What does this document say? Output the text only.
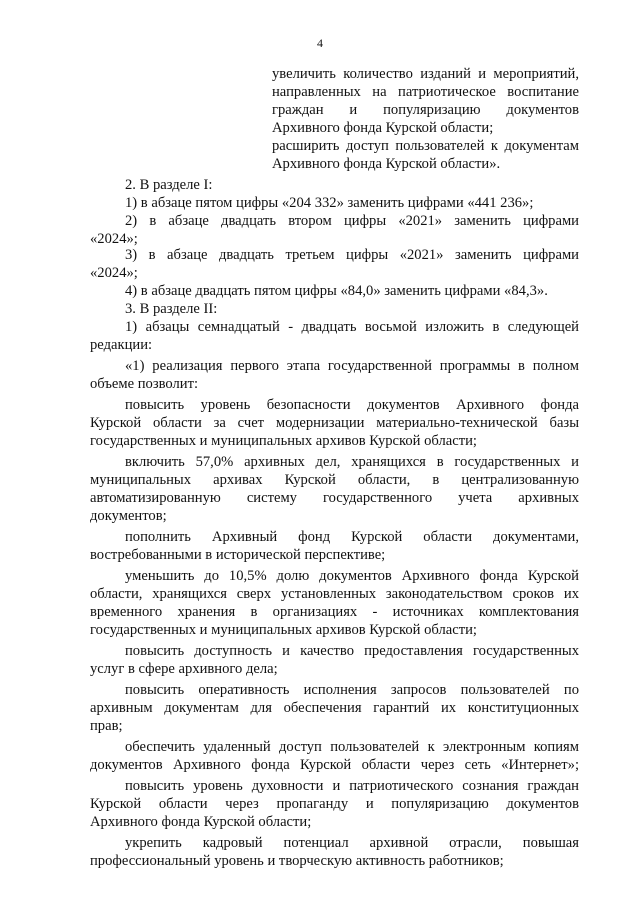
4
увеличить количество изданий и мероприятий,
направленных на патриотическое воспитание
граждан и популяризацию документов
Архивного фонда Курской области;
расширить доступ пользователей к документам
Архивного фонда Курской области».
2. В разделе I:
1) в абзаце пятом цифры «204 332» заменить цифрами «441 236»;
2) в абзаце двадцать втором цифры «2021» заменить цифрами
«2024»;
3) в абзаце двадцать третьем цифры «2021» заменить цифрами
«2024»;
4) в абзаце двадцать пятом цифры «84,0» заменить цифрами «84,3».
3. В разделе II:
1) абзацы семнадцатый - двадцать восьмой изложить в следующей
редакции:
«1) реализация первого этапа государственной программы в полном
объеме позволит:
повысить уровень безопасности документов Архивного фонда
Курской области за счет модернизации материально-технической базы
государственных и муниципальных архивов Курской области;
включить 57,0% архивных дел, хранящихся в государственных и
муниципальных архивах Курской области, в централизованную
автоматизированную систему государственного учета архивных
документов;
пополнить Архивный фонд Курской области документами,
востребованными в исторической перспективе;
уменьшить до 10,5% долю документов Архивного фонда Курской
области, хранящихся сверх установленных законодательством сроков их
временного хранения в организациях - источниках комплектования
государственных и муниципальных архивов Курской области;
повысить доступность и качество предоставления государственных
услуг в сфере архивного дела;
повысить оперативность исполнения запросов пользователей по
архивным документам для обеспечения гарантий их конституционных
прав;
обеспечить удаленный доступ пользователей к электронным копиям
документов Архивного фонда Курской области через сеть «Интернет»;
повысить уровень духовности и патриотического сознания граждан
Курской области через пропаганду и популяризацию документов
Архивного фонда Курской области;
укрепить кадровый потенциал архивной отрасли, повышая
профессиональный уровень и творческую активность работников;
